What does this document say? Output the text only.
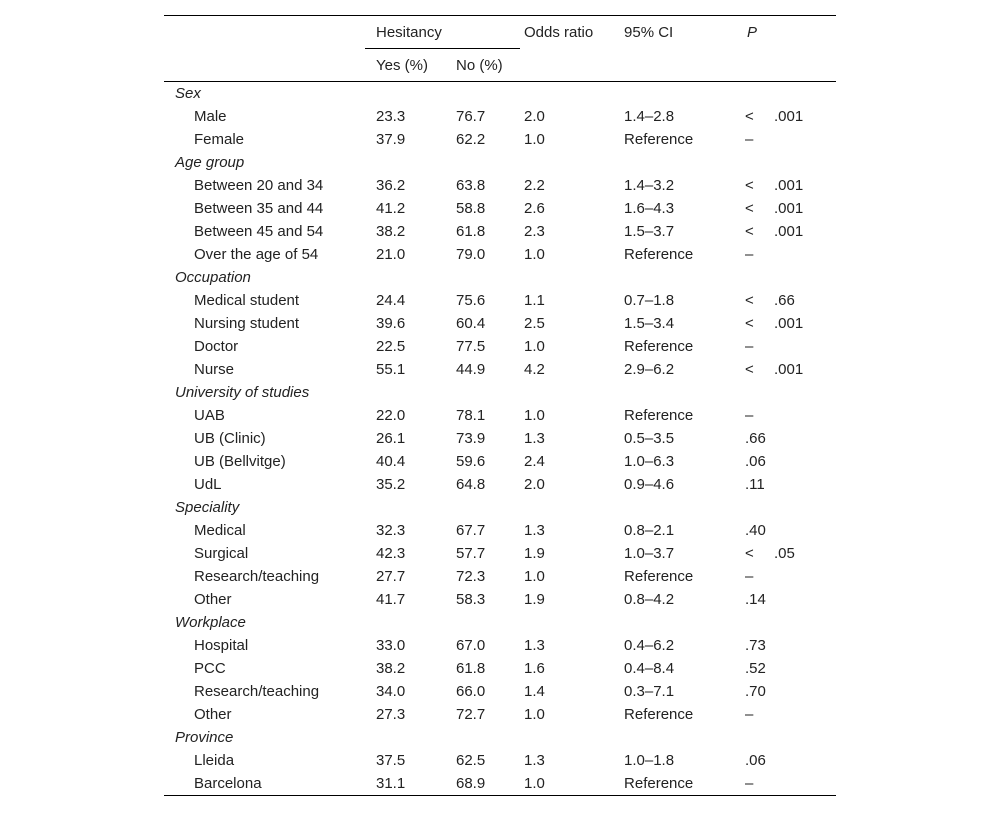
	Hesitancy		Odds ratio	95% CI	P
	Yes (%)	No (%)			
Sex					
Male	23.3	76.7	2.0	1.4–2.8	< .001
Female	37.9	62.2	1.0	Reference	–
Age group					
Between 20 and 34	36.2	63.8	2.2	1.4–3.2	< .001
Between 35 and 44	41.2	58.8	2.6	1.6–4.3	< .001
Between 45 and 54	38.2	61.8	2.3	1.5–3.7	< .001
Over the age of 54	21.0	79.0	1.0	Reference	–
Occupation					
Medical student	24.4	75.6	1.1	0.7–1.8	< .66
Nursing student	39.6	60.4	2.5	1.5–3.4	< .001
Doctor	22.5	77.5	1.0	Reference	–
Nurse	55.1	44.9	4.2	2.9–6.2	< .001
University of studies					
UAB	22.0	78.1	1.0	Reference	–
UB (Clinic)	26.1	73.9	1.3	0.5–3.5	.66
UB (Bellvitge)	40.4	59.6	2.4	1.0–6.3	.06
UdL	35.2	64.8	2.0	0.9–4.6	.11
Speciality					
Medical	32.3	67.7	1.3	0.8–2.1	.40
Surgical	42.3	57.7	1.9	1.0–3.7	< .05
Research/teaching	27.7	72.3	1.0	Reference	–
Other	41.7	58.3	1.9	0.8–4.2	.14
Workplace					
Hospital	33.0	67.0	1.3	0.4–6.2	.73
PCC	38.2	61.8	1.6	0.4–8.4	.52
Research/teaching	34.0	66.0	1.4	0.3–7.1	.70
Other	27.3	72.7	1.0	Reference	–
Province					
Lleida	37.5	62.5	1.3	1.0–1.8	.06
Barcelona	31.1	68.9	1.0	Reference	–
